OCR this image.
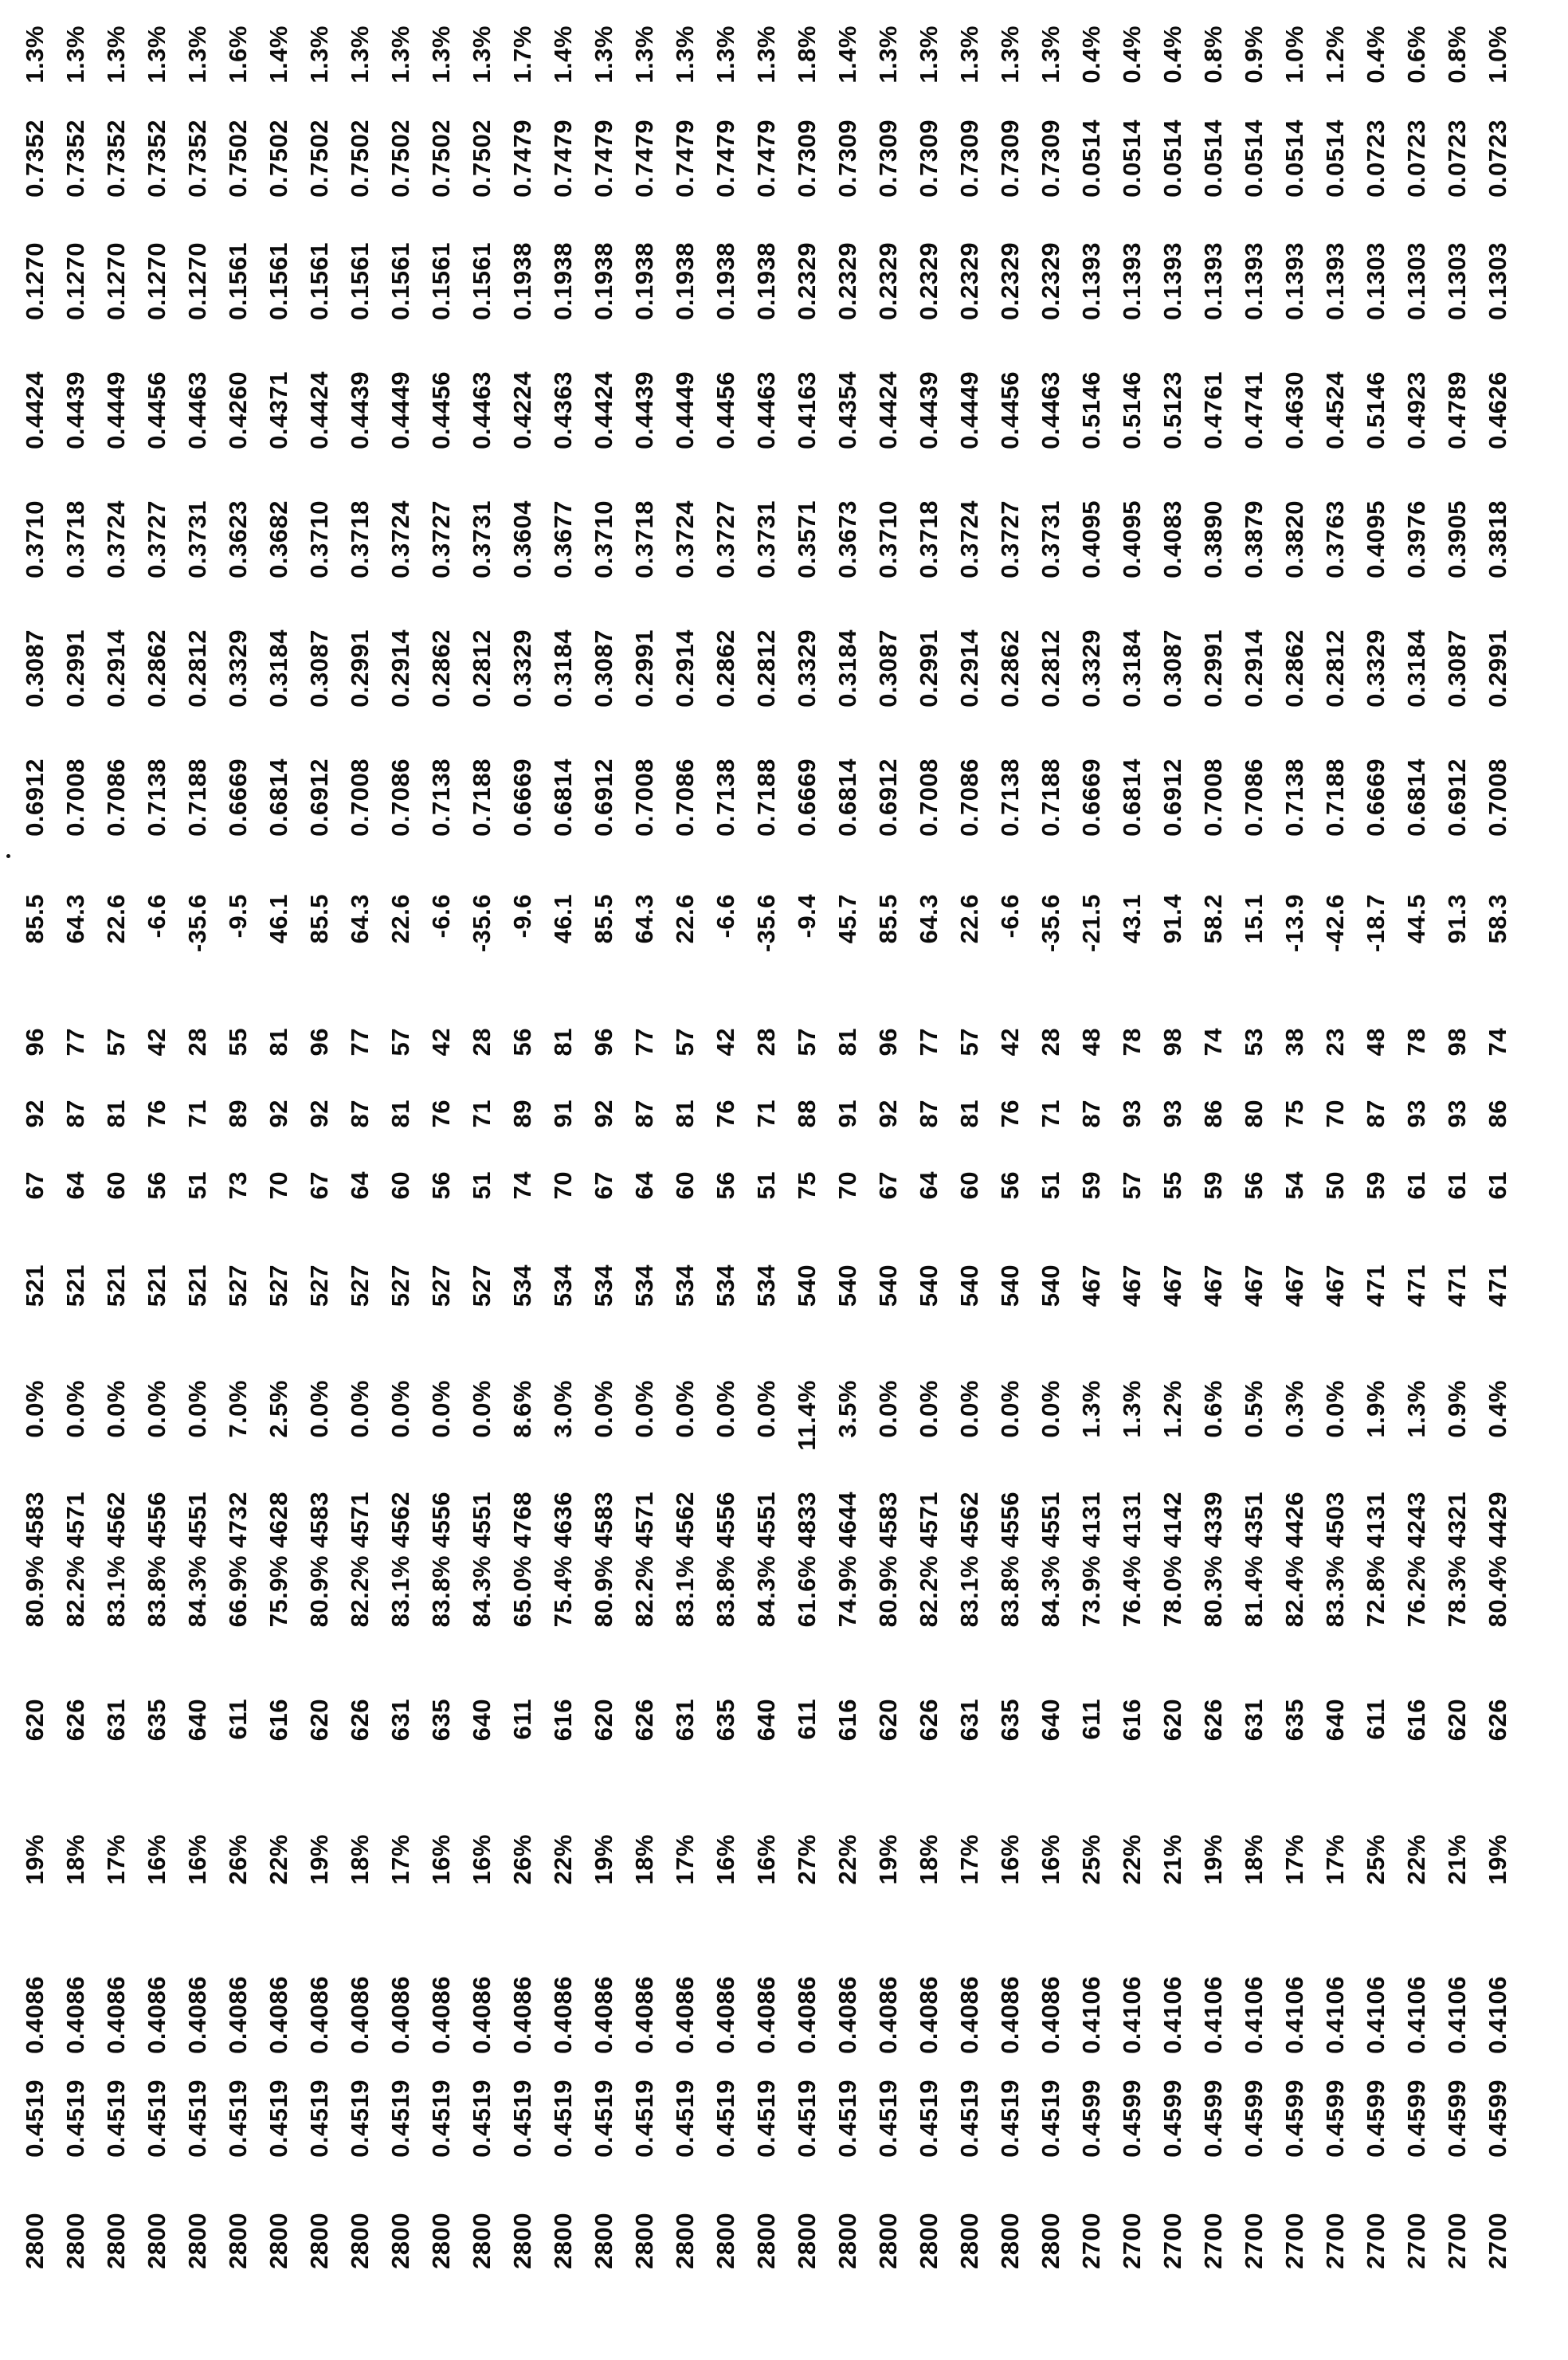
2800	0.4519	0.4086	19%	620	80.9%	4583	0.0%	521	67	92	96	85.5	0.6912	0.3087	0.3710	0.4424	0.1270	0.7352	1.3%
2800	0.4519	0.4086	18%	626	82.2%	4571	0.0%	521	64	87	77	64.3	0.7008	0.2991	0.3718	0.4439	0.1270	0.7352	1.3%
2800	0.4519	0.4086	17%	631	83.1%	4562	0.0%	521	60	81	57	22.6	0.7086	0.2914	0.3724	0.4449	0.1270	0.7352	1.3%
2800	0.4519	0.4086	16%	635	83.8%	4556	0.0%	521	56	76	42	-6.6	0.7138	0.2862	0.3727	0.4456	0.1270	0.7352	1.3%
2800	0.4519	0.4086	16%	640	84.3%	4551	0.0%	521	51	71	28	-35.6	0.7188	0.2812	0.3731	0.4463	0.1270	0.7352	1.3%
2800	0.4519	0.4086	26%	611	66.9%	4732	7.0%	527	73	89	55	-9.5	0.6669	0.3329	0.3623	0.4260	0.1561	0.7502	1.6%
2800	0.4519	0.4086	22%	616	75.9%	4628	2.5%	527	70	92	81	46.1	0.6814	0.3184	0.3682	0.4371	0.1561	0.7502	1.4%
2800	0.4519	0.4086	19%	620	80.9%	4583	0.0%	527	67	92	96	85.5	0.6912	0.3087	0.3710	0.4424	0.1561	0.7502	1.3%
2800	0.4519	0.4086	18%	626	82.2%	4571	0.0%	527	64	87	77	64.3	0.7008	0.2991	0.3718	0.4439	0.1561	0.7502	1.3%
2800	0.4519	0.4086	17%	631	83.1%	4562	0.0%	527	60	81	57	22.6	0.7086	0.2914	0.3724	0.4449	0.1561	0.7502	1.3%
2800	0.4519	0.4086	16%	635	83.8%	4556	0.0%	527	56	76	42	-6.6	0.7138	0.2862	0.3727	0.4456	0.1561	0.7502	1.3%
2800	0.4519	0.4086	16%	640	84.3%	4551	0.0%	527	51	71	28	-35.6	0.7188	0.2812	0.3731	0.4463	0.1561	0.7502	1.3%
2800	0.4519	0.4086	26%	611	65.0%	4768	8.6%	534	74	89	56	-9.6	0.6669	0.3329	0.3604	0.4224	0.1938	0.7479	1.7%
2800	0.4519	0.4086	22%	616	75.4%	4636	3.0%	534	70	91	81	46.1	0.6814	0.3184	0.3677	0.4363	0.1938	0.7479	1.4%
2800	0.4519	0.4086	19%	620	80.9%	4583	0.0%	534	67	92	96	85.5	0.6912	0.3087	0.3710	0.4424	0.1938	0.7479	1.3%
2800	0.4519	0.4086	18%	626	82.2%	4571	0.0%	534	64	87	77	64.3	0.7008	0.2991	0.3718	0.4439	0.1938	0.7479	1.3%
2800	0.4519	0.4086	17%	631	83.1%	4562	0.0%	534	60	81	57	22.6	0.7086	0.2914	0.3724	0.4449	0.1938	0.7479	1.3%
2800	0.4519	0.4086	16%	635	83.8%	4556	0.0%	534	56	76	42	-6.6	0.7138	0.2862	0.3727	0.4456	0.1938	0.7479	1.3%
2800	0.4519	0.4086	16%	640	84.3%	4551	0.0%	534	51	71	28	-35.6	0.7188	0.2812	0.3731	0.4463	0.1938	0.7479	1.3%
2800	0.4519	0.4086	27%	611	61.6%	4833	11.4%	540	75	88	57	-9.4	0.6669	0.3329	0.3571	0.4163	0.2329	0.7309	1.8%
2800	0.4519	0.4086	22%	616	74.9%	4644	3.5%	540	70	91	81	45.7	0.6814	0.3184	0.3673	0.4354	0.2329	0.7309	1.4%
2800	0.4519	0.4086	19%	620	80.9%	4583	0.0%	540	67	92	96	85.5	0.6912	0.3087	0.3710	0.4424	0.2329	0.7309	1.3%
2800	0.4519	0.4086	18%	626	82.2%	4571	0.0%	540	64	87	77	64.3	0.7008	0.2991	0.3718	0.4439	0.2329	0.7309	1.3%
2800	0.4519	0.4086	17%	631	83.1%	4562	0.0%	540	60	81	57	22.6	0.7086	0.2914	0.3724	0.4449	0.2329	0.7309	1.3%
2800	0.4519	0.4086	16%	635	83.8%	4556	0.0%	540	56	76	42	-6.6	0.7138	0.2862	0.3727	0.4456	0.2329	0.7309	1.3%
2800	0.4519	0.4086	16%	640	84.3%	4551	0.0%	540	51	71	28	-35.6	0.7188	0.2812	0.3731	0.4463	0.2329	0.7309	1.3%
2700	0.4599	0.4106	25%	611	73.9%	4131	1.3%	467	59	87	48	-21.5	0.6669	0.3329	0.4095	0.5146	0.1393	0.0514	0.4%
2700	0.4599	0.4106	22%	616	76.4%	4131	1.3%	467	57	93	78	43.1	0.6814	0.3184	0.4095	0.5146	0.1393	0.0514	0.4%
2700	0.4599	0.4106	21%	620	78.0%	4142	1.2%	467	55	93	98	91.4	0.6912	0.3087	0.4083	0.5123	0.1393	0.0514	0.4%
2700	0.4599	0.4106	19%	626	80.3%	4339	0.6%	467	59	86	74	58.2	0.7008	0.2991	0.3890	0.4761	0.1393	0.0514	0.8%
2700	0.4599	0.4106	18%	631	81.4%	4351	0.5%	467	56	80	53	15.1	0.7086	0.2914	0.3879	0.4741	0.1393	0.0514	0.9%
2700	0.4599	0.4106	17%	635	82.4%	4426	0.3%	467	54	75	38	-13.9	0.7138	0.2862	0.3820	0.4630	0.1393	0.0514	1.0%
2700	0.4599	0.4106	17%	640	83.3%	4503	0.0%	467	50	70	23	-42.6	0.7188	0.2812	0.3763	0.4524	0.1393	0.0514	1.2%
2700	0.4599	0.4106	25%	611	72.8%	4131	1.9%	471	59	87	48	-18.7	0.6669	0.3329	0.4095	0.5146	0.1303	0.0723	0.4%
2700	0.4599	0.4106	22%	616	76.2%	4243	1.3%	471	61	93	78	44.5	0.6814	0.3184	0.3976	0.4923	0.1303	0.0723	0.6%
2700	0.4599	0.4106	21%	620	78.3%	4321	0.9%	471	61	93	98	91.3	0.6912	0.3087	0.3905	0.4789	0.1303	0.0723	0.8%
2700	0.4599	0.4106	19%	626	80.4%	4429	0.4%	471	61	86	74	58.3	0.7008	0.2991	0.3818	0.4626	0.1303	0.0723	1.0%
